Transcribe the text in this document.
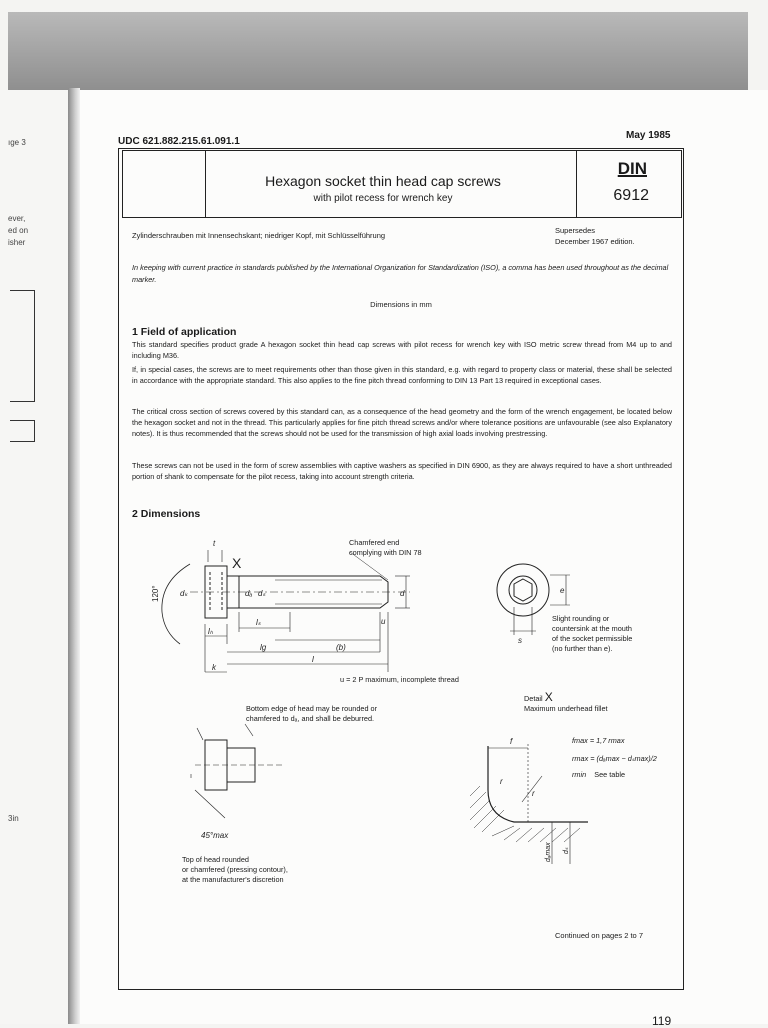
ıge 3
ever,
ed on
isher
3in
UDC 621.882.215.61.091.1
May 1985
Hexagon socket thin head cap screws
with pilot recess for wrench key
DIN
6912
Zylinderschrauben mit Innensechskant; niedriger Kopf, mit Schlüsselführung
Supersedes
December 1967 edition.
In keeping with current practice in standards published by the International Organization for Standardization (ISO), a comma has been used throughout as the decimal marker.
Dimensions in mm
1 Field of application
This standard specifies product grade A hexagon socket thin head cap screws with pilot recess for wrench key with ISO metric screw thread from M4 up to and including M36.
If, in special cases, the screws are to meet requirements other than those given in this standard, e.g. with regard to property class or material, these shall be selected in accordance with the appropriate standard. This also applies to the fine pitch thread conforming to DIN 13 Part 13 required in exceptional cases.
The critical cross section of screws covered by this standard can, as a consequence of the head geometry and the form of the wrench engagement, be located below the hexagon socket and not in the thread. This particularly applies for fine pitch thread screws and/or where tolerance positions are unfavourable (see also Explanatory notes). It is thus recommended that the screws should not be used for the transmission of high axial loads involving prestressing.
These screws can not be used in the form of screw assemblies with captive washers as specified in DIN 6900, as they are always required to have a short unthreaded portion of shank to compensate for the pilot recess, taking into account strength criteria.
2 Dimensions
X
120°	dₖ	dₐ dₛ	d
t
k
lₕ
lₛ
lg	(b)
l
u
Chamfered end
complying with DIN 78
u = 2 P maximum, incomplete thread
e
s
Slight rounding or
countersink at the mouth
of the socket permissible
(no further than e).
Bottom edge of head may be rounded or
chamfered to dₐ, and shall be deburred.
45°max
Top of head rounded
or chamfered (pressing contour),
at the manufacturer's discretion
Detail X
Maximum underhead fillet
fmax = 1,7 rmax
rmax = (dₐmax − dₛmax)/2
rmin See table
f
r
r
dₐmax dₛ
Continued on pages 2 to 7
119
